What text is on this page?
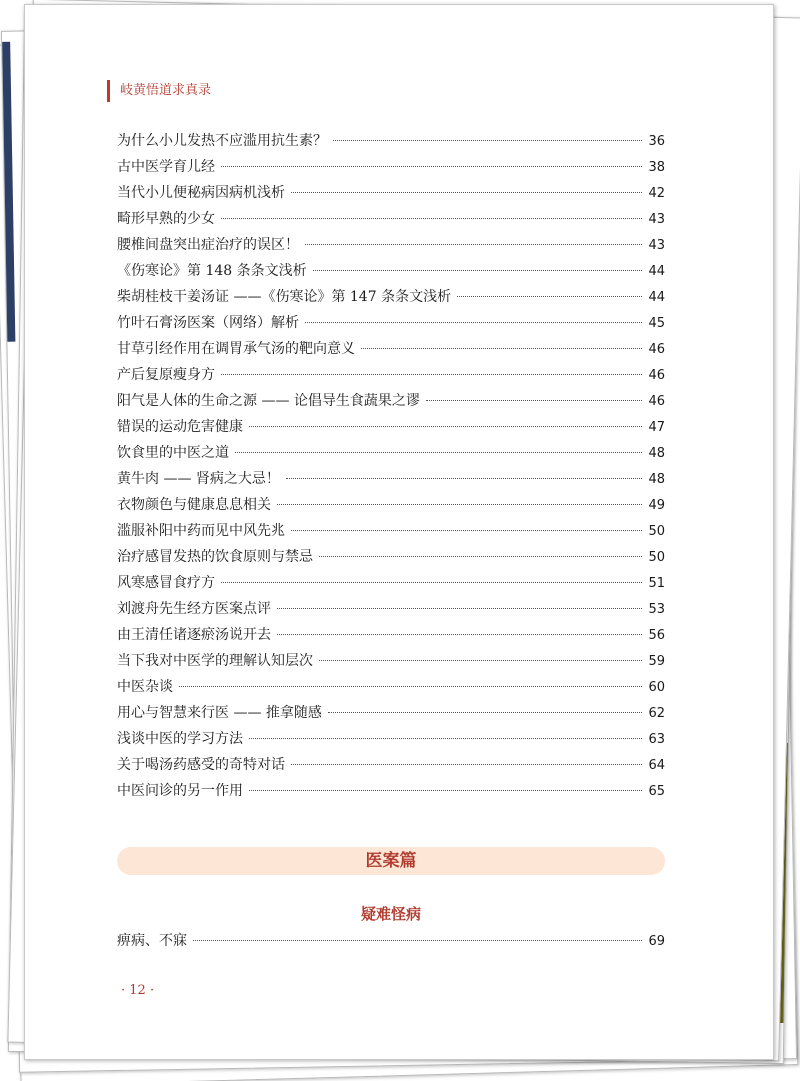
岐黄悟道求真录
为什么小儿发热不应滥用抗生素？	36
古中医学育儿经	38
当代小儿便秘病因病机浅析	42
畸形早熟的少女	43
腰椎间盘突出症治疗的误区！	43
《伤寒论》第 148 条条文浅析	44
柴胡桂枝干姜汤证 ——《伤寒论》第 147 条条文浅析	44
竹叶石膏汤医案（网络）解析	45
甘草引经作用在调胃承气汤的靶向意义	46
产后复原瘦身方	46
阳气是人体的生命之源 —— 论倡导生食蔬果之谬	46
错误的运动危害健康	47
饮食里的中医之道	48
黄牛肉 —— 肾病之大忌！	48
衣物颜色与健康息息相关	49
滥服补阳中药而见中风先兆	50
治疗感冒发热的饮食原则与禁忌	50
风寒感冒食疗方	51
刘渡舟先生经方医案点评	53
由王清任诸逐瘀汤说开去	56
当下我对中医学的理解认知层次	59
中医杂谈	60
用心与智慧来行医 —— 推拿随感	62
浅谈中医的学习方法	63
关于喝汤药感受的奇特对话	64
中医问诊的另一作用	65
医案篇
疑难怪病
痹病、不寐	69
· 12 ·
